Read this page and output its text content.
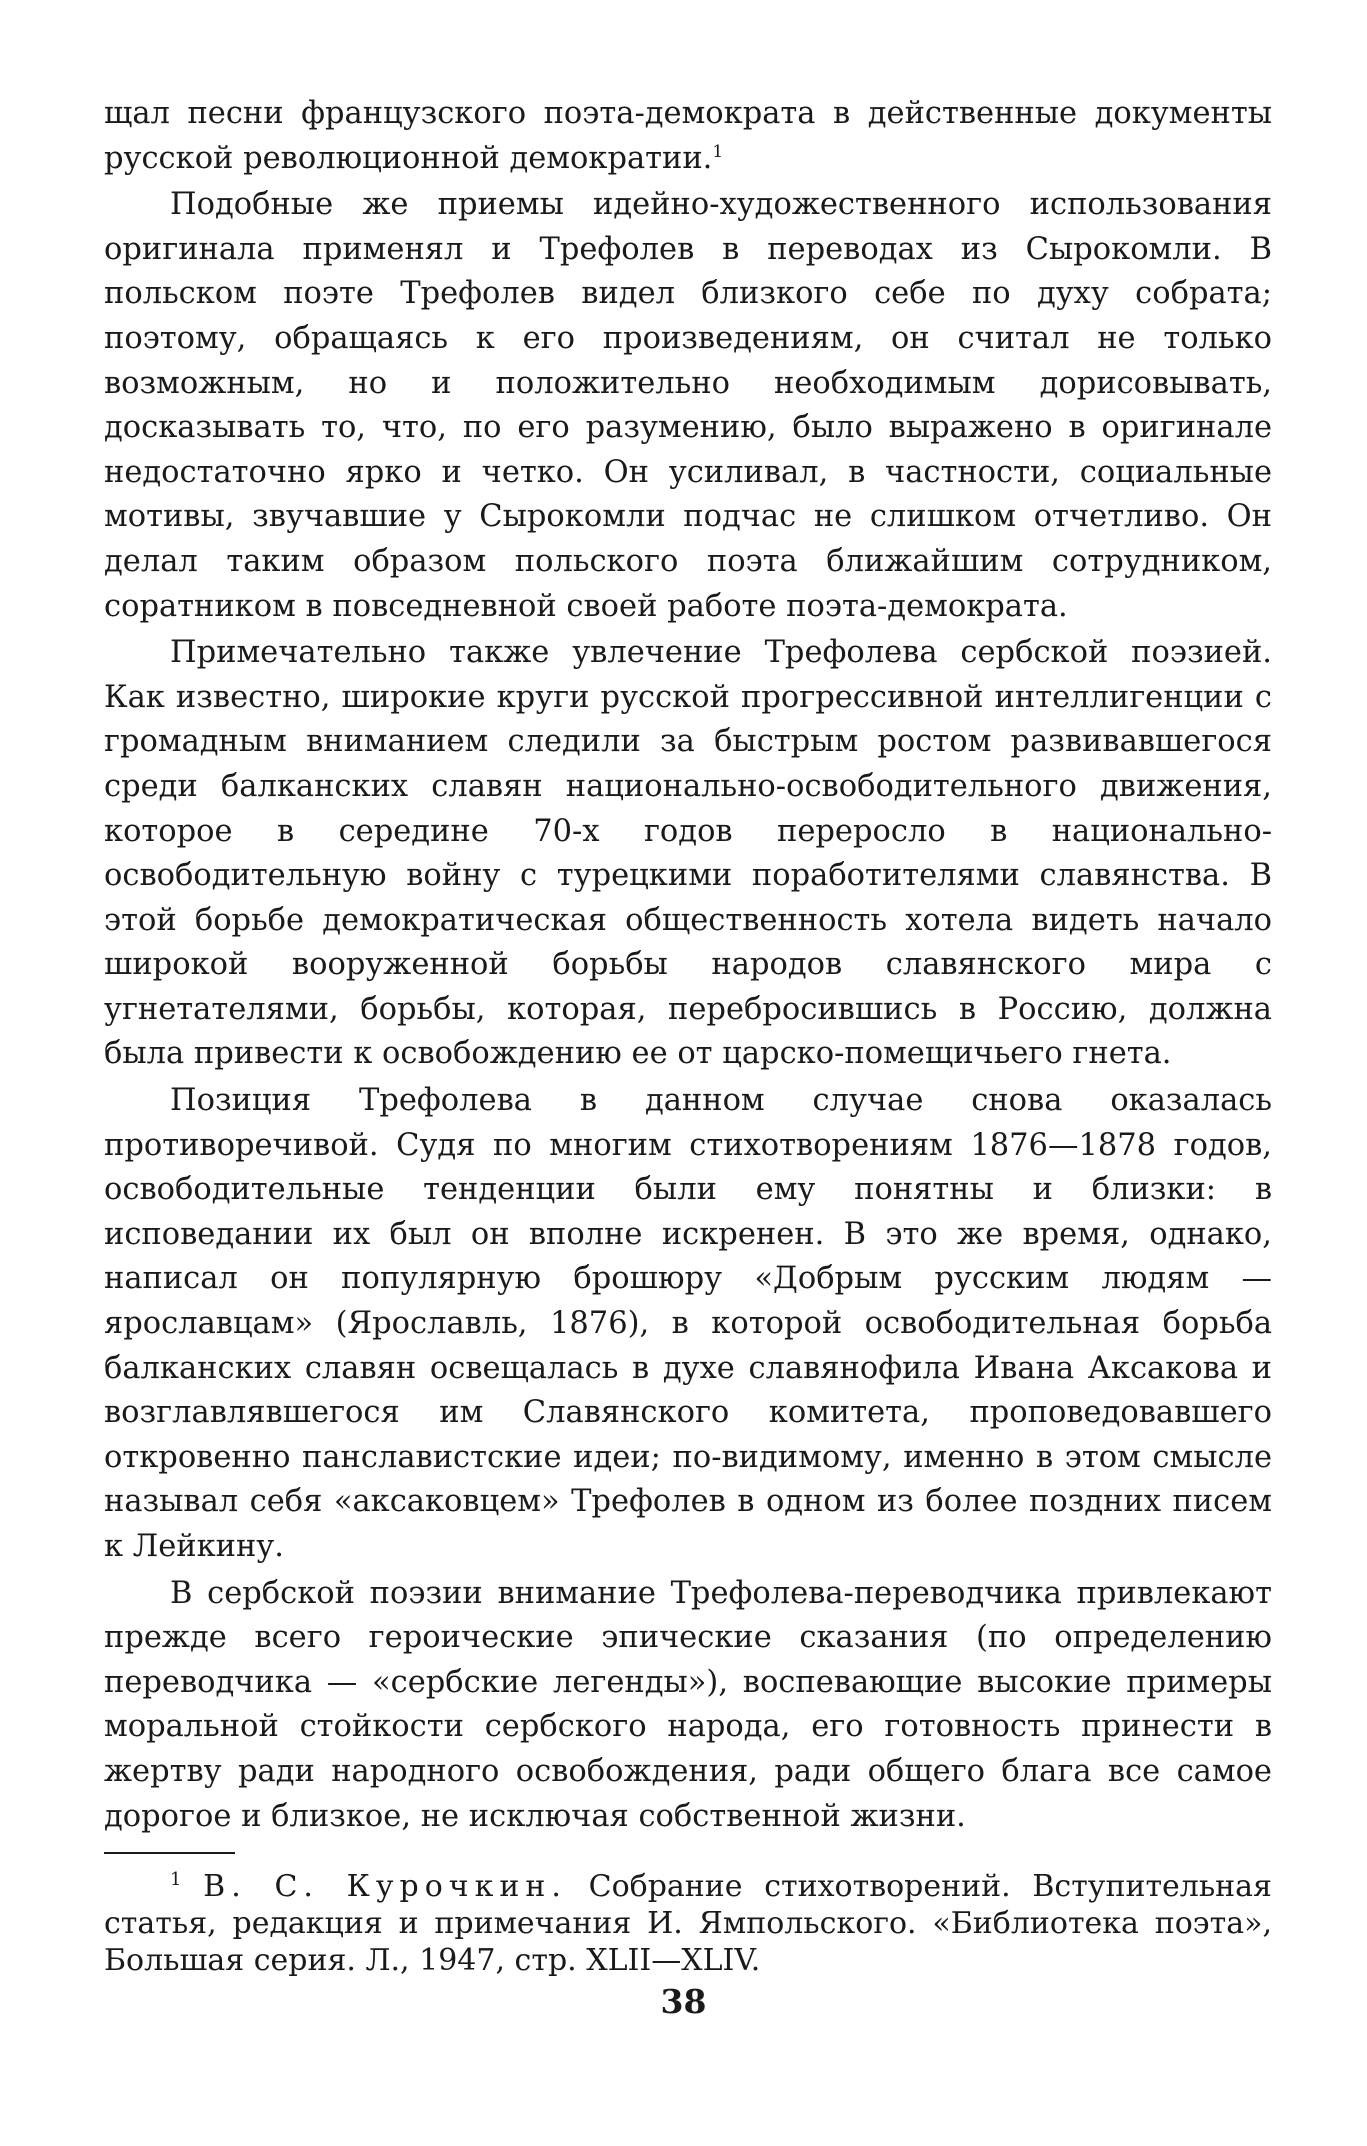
щал песни французского поэта-демократа в действенные документы русской революционной демократии.$^1$

Подобные же приемы идейно-художественного использования оригинала применял и Трефолев в переводах из Сырокомли. В польском поэте Трефолев видел близкого себе по духу собрата; поэтому, обращаясь к его произведениям, он считал не только возможным, но и положительно необходимым дорисовывать, досказывать то, что, по его разумению, было выражено в оригинале недостаточно ярко и четко. Он усиливал, в частности, социальные мотивы, звучавшие у Сырокомли подчас не слишком отчетливо. Он делал таким образом польского поэта ближайшим сотрудником, соратником в повседневной своей работе поэта-демократа.

Примечательно также увлечение Трефолева сербской поэзией. Как известно, широкие круги русской прогрессивной интеллигенции с громадным вниманием следили за быстрым ростом развивавшегося среди балканских славян национально-освободительного движения, которое в середине 70-х годов переросло в национально-освободительную войну с турецкими поработителями славянства. В этой борьбе демократическая общественность хотела видеть начало широкой вооруженной борьбы народов славянского мира с угнетателями, борьбы, которая, перебросившись в Россию, должна была привести к освобождению ее от царско-помещичьего гнета.

Позиция Трефолева в данном случае снова оказалась противоречивой. Судя по многим стихотворениям 1876—1878 годов, освободительные тенденции были ему понятны и близки: в исповедании их был он вполне искренен. В это же время, однако, написал он популярную брошюру «Добрым русским людям — ярославцам» (Ярославль, 1876), в которой освободительная борьба балканских славян освещалась в духе славянофила Ивана Аксакова и возглавлявшегося им Славянского комитета, проповедовавшего откровенно панславистские идеи; по-видимому, именно в этом смысле называл себя «аксаковцем» Трефолев в одном из более поздних писем к Лейкину.

В сербской поэзии внимание Трефолева-переводчика привлекают прежде всего героические эпические сказания (по определению переводчика — «сербские легенды»), воспевающие высокие примеры моральной стойкости сербского народа, его готовность принести в жертву ради народного освобождения, ради общего блага все самое дорогое и близкое, не исключая собственной жизни.

$^1$ В. С. Курочкин. Собрание стихотворений. Вступительная статья, редакция и примечания И. Ямпольского. «Библиотека поэта», Большая серия. Л., 1947, стр. XLII—XLIV.

38
